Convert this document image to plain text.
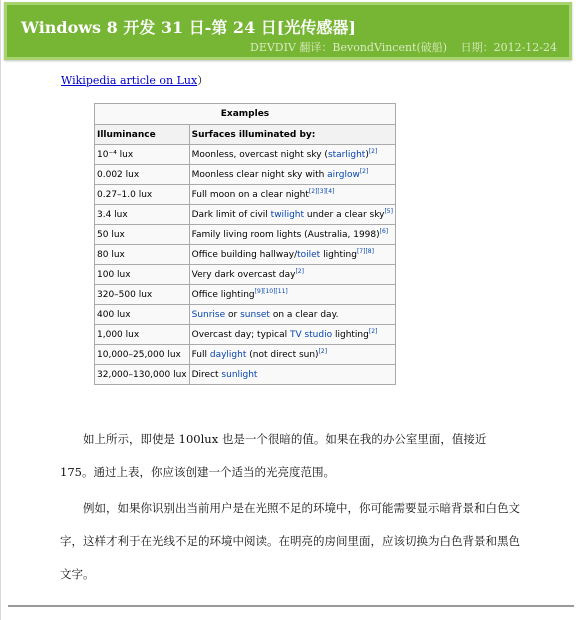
Windows 8 开发 31 日-第 24 日[光传感器]
DEVDIV 翻译：BevondVincent(破船) 日期：2012-12-24
Wikipedia article on Lux）
Examples
Illuminance	Surfaces illuminated by:
10⁻⁴ lux	Moonless, overcast night sky (starlight)[2]
0.002 lux	Moonless clear night sky with airglow[2]
0.27–1.0 lux	Full moon on a clear night[2][3][4]
3.4 lux	Dark limit of civil twilight under a clear sky[5]
50 lux	Family living room lights (Australia, 1998)[6]
80 lux	Office building hallway/toilet lighting[7][8]
100 lux	Very dark overcast day[2]
320–500 lux	Office lighting[9][10][11]
400 lux	Sunrise or sunset on a clear day.
1,000 lux	Overcast day; typical TV studio lighting[2]
10,000–25,000 lux	Full daylight (not direct sun)[2]
32,000–130,000 lux	Direct sunlight

如上所示，即使是 100lux 也是一个很暗的值。如果在我的办公室里面，值接近 175。通过上表，你应该创建一个适当的光亮度范围。

例如，如果你识别出当前用户是在光照不足的环境中，你可能需要显示暗背景和白色文字，这样才利于在光线不足的环境中阅读。在明亮的房间里面，应该切换为白色背景和黑色文字。
